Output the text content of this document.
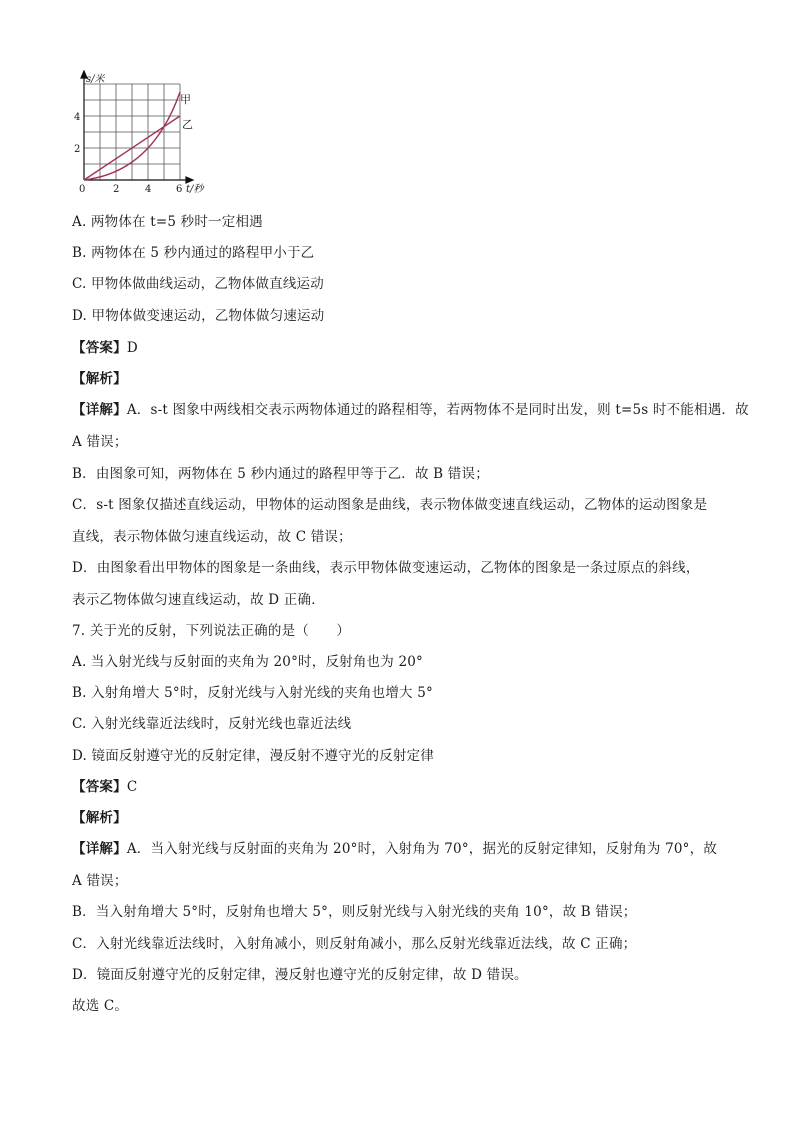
s/米
t/秒
4
2
0	2	4 6
甲
乙
A. 两物体在 t=5 秒时一定相遇
B. 两物体在 5 秒内通过的路程甲小于乙
C. 甲物体做曲线运动，乙物体做直线运动
D. 甲物体做变速运动，乙物体做匀速运动
【答案】D
【解析】
【详解】A．s-t 图象中两线相交表示两物体通过的路程相等，若两物体不是同时出发，则 t=5s 时不能相遇．故
A 错误；
B．由图象可知，两物体在 5 秒内通过的路程甲等于乙．故 B 错误；
C．s-t 图象仅描述直线运动，甲物体的运动图象是曲线，表示物体做变速直线运动，乙物体的运动图象是
直线，表示物体做匀速直线运动，故 C 错误；
D．由图象看出甲物体的图象是一条曲线，表示甲物体做变速运动，乙物体的图象是一条过原点的斜线，
表示乙物体做匀速直线运动，故 D 正确．
7. 关于光的反射，下列说法正确的是（　　）
A. 当入射光线与反射面的夹角为 20°时，反射角也为 20°
B. 入射角增大 5°时，反射光线与入射光线的夹角也增大 5°
C. 入射光线靠近法线时，反射光线也靠近法线
D. 镜面反射遵守光的反射定律，漫反射不遵守光的反射定律
【答案】C
【解析】
【详解】A．当入射光线与反射面的夹角为 20°时，入射角为 70°，据光的反射定律知，反射角为 70°，故
A 错误；
B．当入射角增大 5°时，反射角也增大 5°，则反射光线与入射光线的夹角 10°，故 B 错误；
C．入射光线靠近法线时，入射角减小，则反射角减小，那么反射光线靠近法线，故 C 正确；
D．镜面反射遵守光的反射定律，漫反射也遵守光的反射定律，故 D 错误。
故选 C。
